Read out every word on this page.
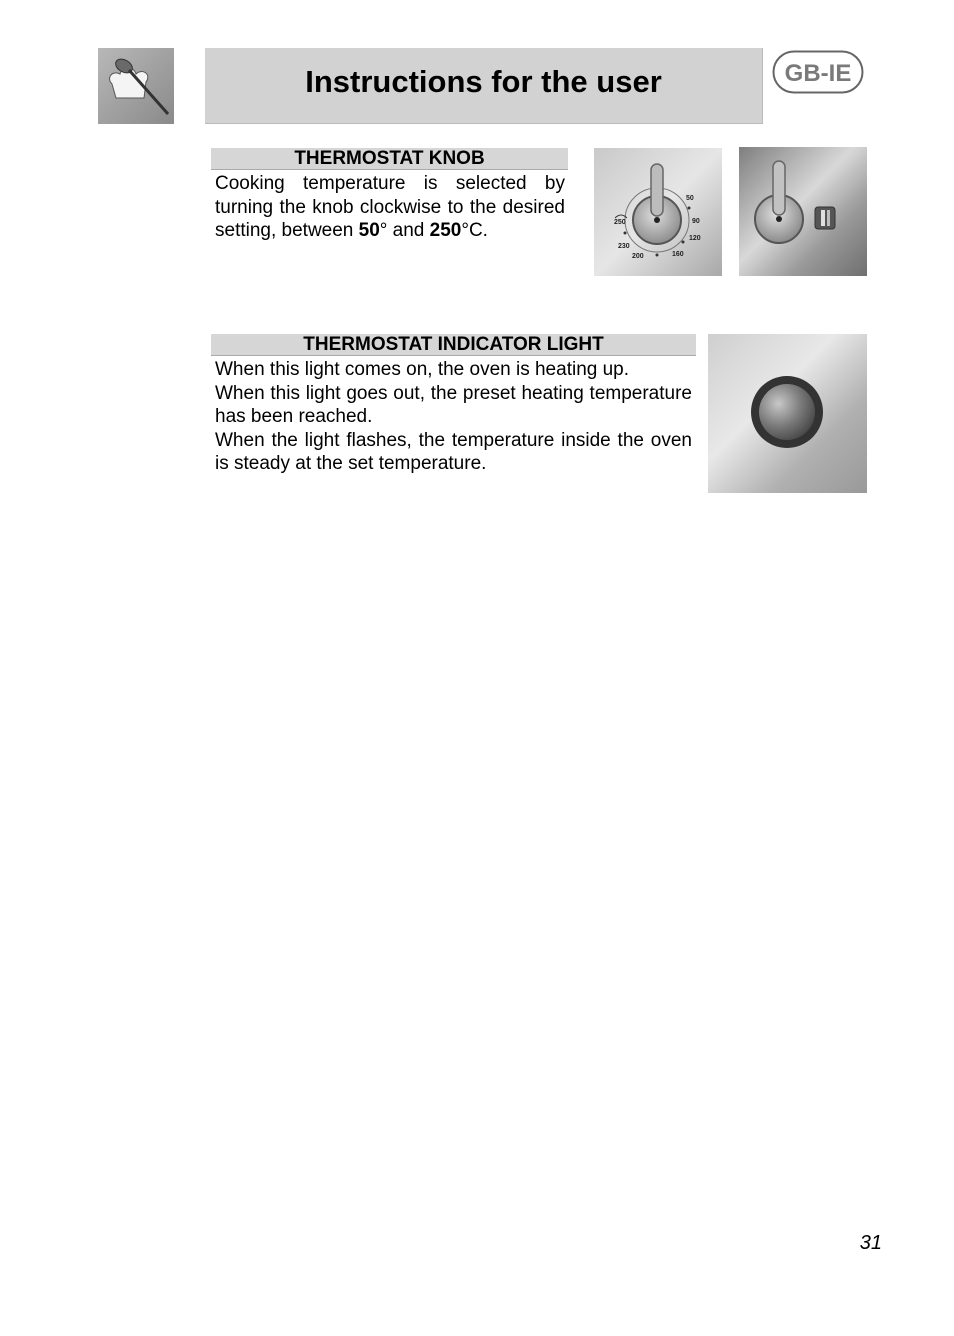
Instructions for the user	GB-IE
THERMOSTAT KNOB

Cooking temperature is selected by turning the knob clockwise to the desired setting, between 50° and 250°C.

50
90
120
160
200
230
250
THERMOSTAT INDICATOR LIGHT

When this light comes on, the oven is heating up.

When this light goes out, the preset heating temperature has been reached.

When the light flashes, the temperature inside the oven is steady at the set temperature.

31
